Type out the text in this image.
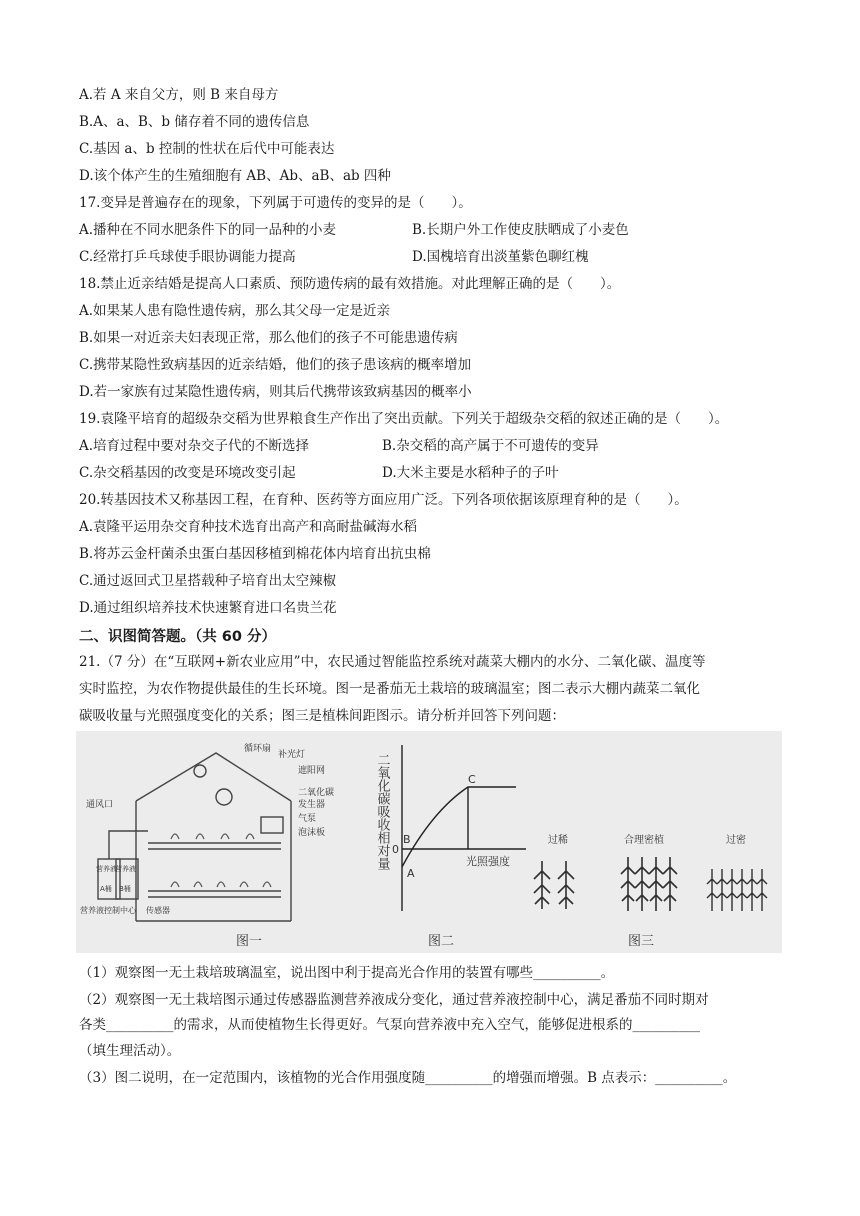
A.若 A 来自父方，则 B 来自母方
B.A、a、B、b 储存着不同的遗传信息
C.基因 a、b 控制的性状在后代中可能表达
D.该个体产生的生殖细胞有 AB、Ab、aB、ab 四种
17.变异是普遍存在的现象，下列属于可遗传的变异的是（　　）。
A.播种在不同水肥条件下的同一品种的小麦	B.长期户外工作使皮肤晒成了小麦色
C.经常打乒乓球使手眼协调能力提高	D.国槐培育出淡堇紫色聊红槐
18.禁止近亲结婚是提高人口素质、预防遗传病的最有效措施。对此理解正确的是（　　）。
A.如果某人患有隐性遗传病，那么其父母一定是近亲
B.如果一对近亲夫妇表现正常，那么他们的孩子不可能患遗传病
C.携带某隐性致病基因的近亲结婚，他们的孩子患该病的概率增加
D.若一家族有过某隐性遗传病，则其后代携带该致病基因的概率小
19.袁隆平培育的超级杂交稻为世界粮食生产作出了突出贡献。下列关于超级杂交稻的叙述正确的是（　　）。
A.培育过程中要对杂交子代的不断选择	B.杂交稻的高产属于不可遗传的变异
C.杂交稻基因的改变是环境改变引起	D.大米主要是水稻种子的子叶
20.转基因技术又称基因工程，在育种、医药等方面应用广泛。下列各项依据该原理育种的是（　　）。
A.袁隆平运用杂交育种技术选育出高产和高耐盐碱海水稻
B.将苏云金杆菌杀虫蛋白基因移植到棉花体内培育出抗虫棉
C.通过返回式卫星搭载种子培育出太空辣椒
D.通过组织培养技术快速繁育进口名贵兰花
二、识图简答题。（共 60 分）
21.（7 分）在“互联网+新农业应用”中，农民通过智能监控系统对蔬菜大棚内的水分、二氧化碳、温度等
实时监控，为农作物提供最佳的生长环境。图一是番茄无土栽培的玻璃温室；图二表示大棚内蔬菜二氧化
碳吸收量与光照强度变化的关系；图三是植株间距图示。请分析并回答下列问题：
循环扇
补光灯
遮阳网
二氧化碳
发生器
气泵
泡沫板
通风口
营养液
A桶
营养液
B桶
营养液控制中心 传感器
图一
二氧化碳吸收相对量	光照强度
A
B
C
0
图二
过稀	合理密植	过密
图三
（1）观察图一无土栽培玻璃温室，说出图中利于提高光合作用的装置有哪些__________。
（2）观察图一无土栽培图示通过传感器监测营养液成分变化，通过营养液控制中心，满足番茄不同时期对
各类__________的需求，从而使植物生长得更好。气泵向营养液中充入空气，能够促进根系的__________
（填生理活动）。
（3）图二说明，在一定范围内，该植物的光合作用强度随__________的增强而增强。B 点表示：__________。
